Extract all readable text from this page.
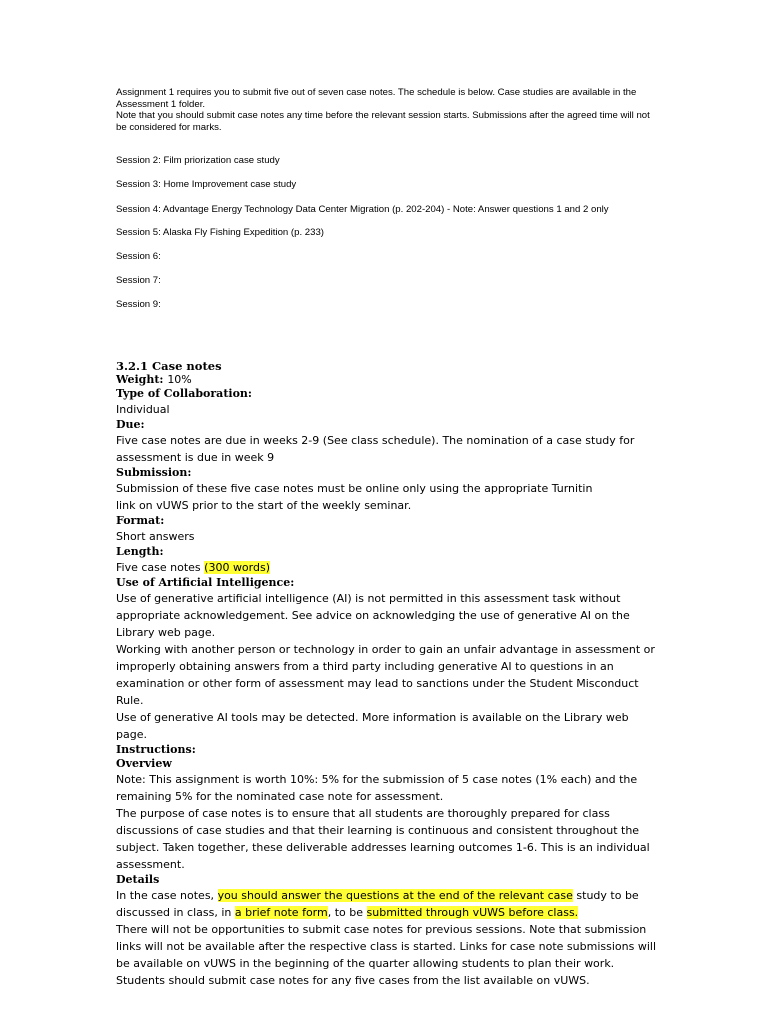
Assignment 1 requires you to submit five out of seven case notes. The schedule is below. Case studies are available in the Assessment 1 folder.
Note that you should submit case notes any time before the relevant session starts. Submissions after the agreed time will not be considered for marks.
Session 2: Film priorization case study
Session 3: Home Improvement case study
Session 4: Advantage Energy Technology Data Center Migration (p. 202-204) - Note: Answer questions 1 and 2 only
Session 5: Alaska Fly Fishing Expedition (p. 233)
Session 6:
Session 7:
Session 9:
3.2.1 Case notes
Weight: 10%
Type of Collaboration:
Individual
Due:
Five case notes are due in weeks 2-9 (See class schedule). The nomination of a case study for assessment is due in week 9
Submission:
Submission of these five case notes must be online only using the appropriate Turnitin
link on vUWS prior to the start of the weekly seminar.
Format:
Short answers
Length:
Five case notes (300 words)
Use of Artificial Intelligence:
Use of generative artificial intelligence (AI) is not permitted in this assessment task without appropriate acknowledgement. See advice on acknowledging the use of generative AI on the Library web page.
Working with another person or technology in order to gain an unfair advantage in assessment or improperly obtaining answers from a third party including generative AI to questions in an examination or other form of assessment may lead to sanctions under the Student Misconduct Rule.
Use of generative AI tools may be detected. More information is available on the Library web page.
Instructions:
Overview
Note: This assignment is worth 10%: 5% for the submission of 5 case notes (1% each) and the remaining 5% for the nominated case note for assessment.
The purpose of case notes is to ensure that all students are thoroughly prepared for class discussions of case studies and that their learning is continuous and consistent throughout the subject. Taken together, these deliverable addresses learning outcomes 1-6. This is an individual assessment.
Details
In the case notes, you should answer the questions at the end of the relevant case study to be discussed in class, in a brief note form, to be submitted through vUWS before class.
There will not be opportunities to submit case notes for previous sessions. Note that submission links will not be available after the respective class is started. Links for case note submissions will be available on vUWS in the beginning of the quarter allowing students to plan their work.
Students should submit case notes for any five cases from the list available on vUWS.
